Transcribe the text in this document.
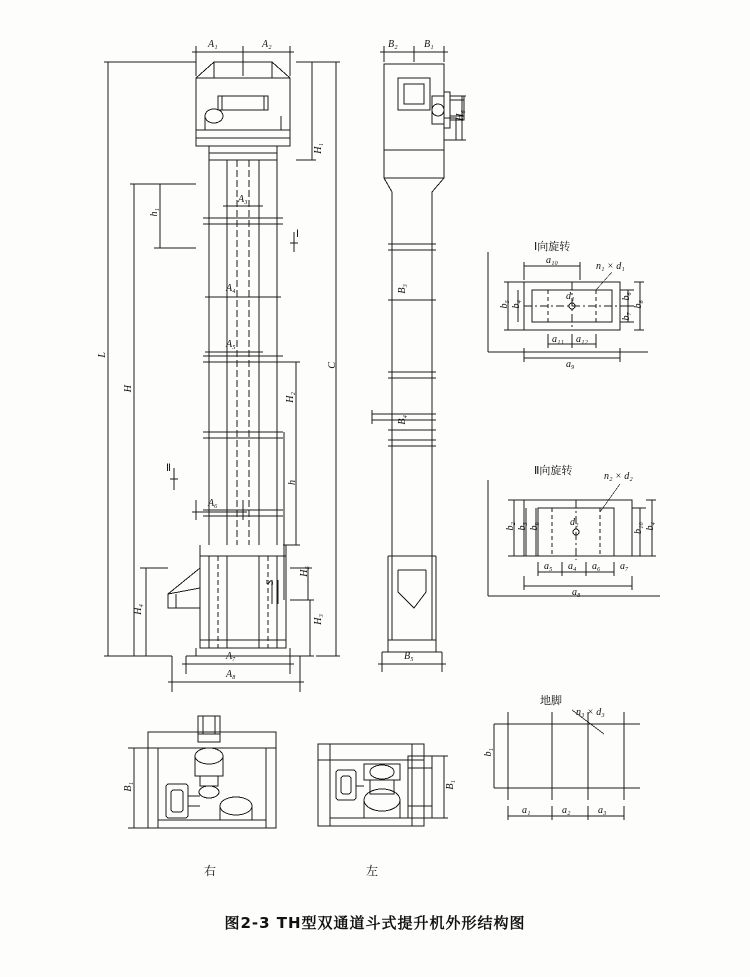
A₁	A₂
A₃
A₄
A₅
A₆
A₇
A₈
L
H
H₄
h₁
H₁
C
H₂
h
H₅
H₃
S
Ⅰ
Ⅱ
B₂	B₁
H₆
B₃
B₄
B₅
Ⅰ向旋转
a₁₀
n₁ × d₁
d₁
b₅ b₄
b₆
b₇
b₈
a₁₁ a₁₂
a₉
Ⅱ向旋转	n₂ × d₂
d₂
b₂ b₃ b₉	b₁₀ b₄
a₅ a₄ a₆ a₇
a₈
地脚
n₃ × d₃
b₁
a₁	a₂	a₃
B₁	B₁
右	左
图2-3 TH型双通道斗式提升机外形结构图
